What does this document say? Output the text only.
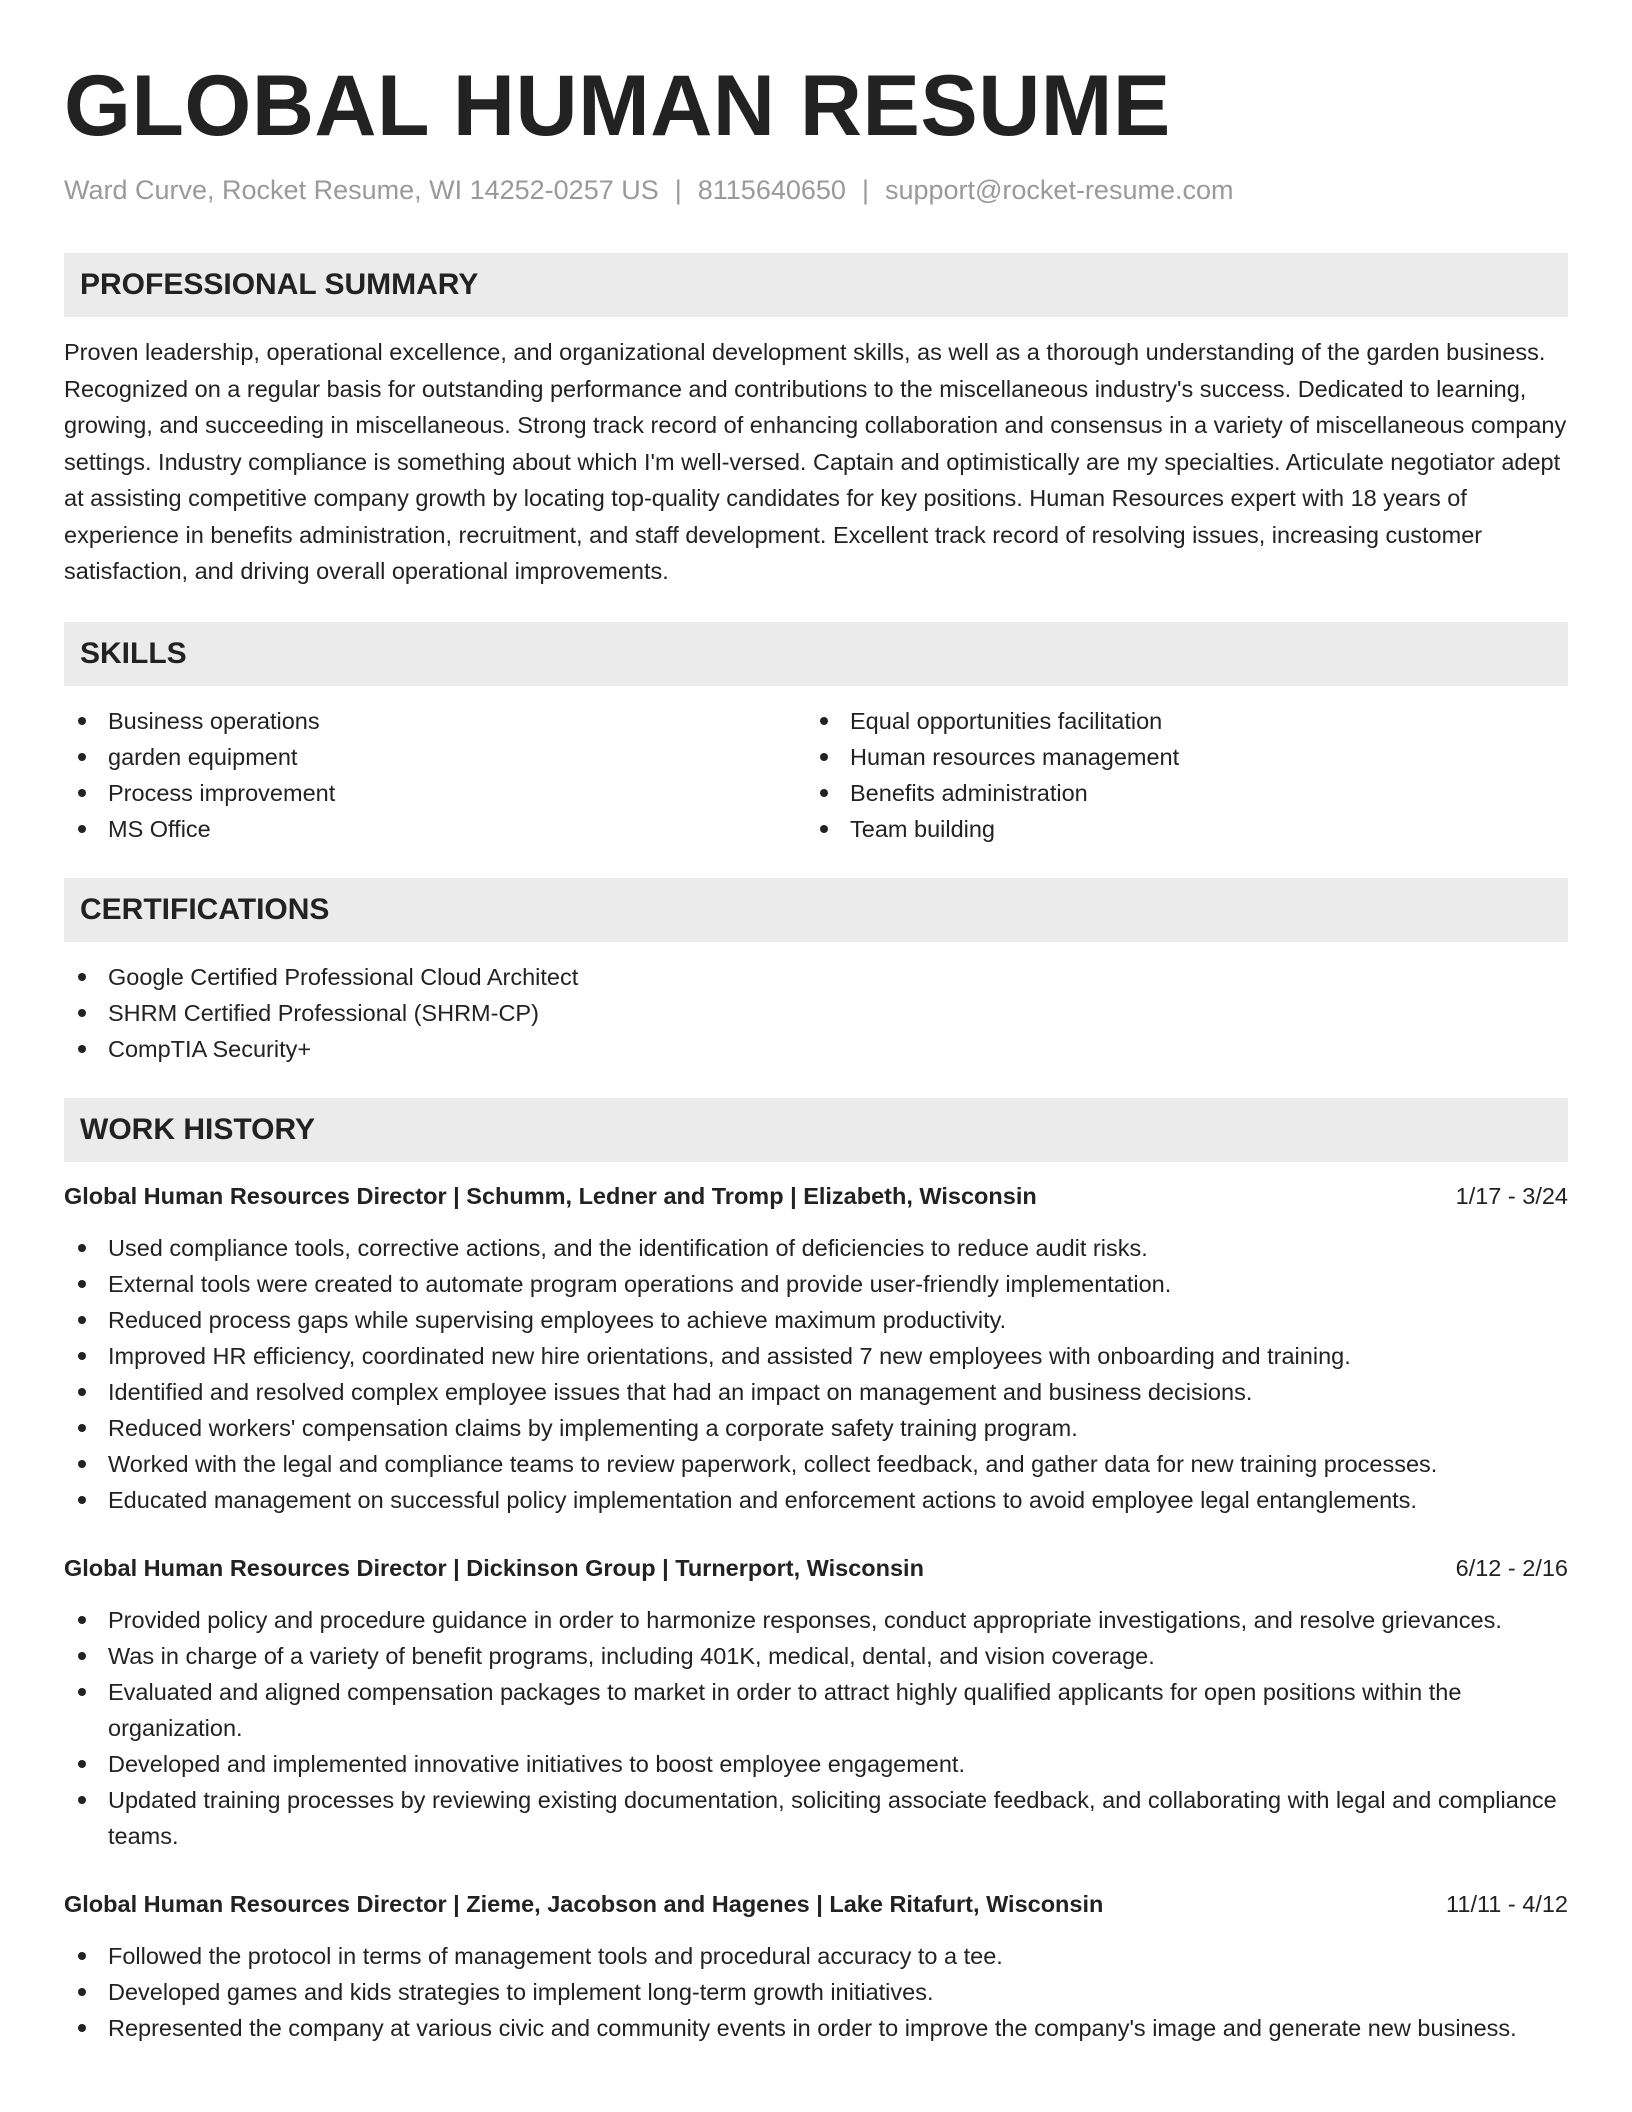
GLOBAL HUMAN RESUME
Ward Curve, Rocket Resume, WI 14252-0257 US | 8115640650 | support@rocket-resume.com
PROFESSIONAL SUMMARY
Proven leadership, operational excellence, and organizational development skills, as well as a thorough understanding of the garden business. Recognized on a regular basis for outstanding performance and contributions to the miscellaneous industry's success. Dedicated to learning, growing, and succeeding in miscellaneous. Strong track record of enhancing collaboration and consensus in a variety of miscellaneous company settings. Industry compliance is something about which I'm well-versed. Captain and optimistically are my specialties. Articulate negotiator adept at assisting competitive company growth by locating top-quality candidates for key positions. Human Resources expert with 18 years of experience in benefits administration, recruitment, and staff development. Excellent track record of resolving issues, increasing customer satisfaction, and driving overall operational improvements.
SKILLS
Business operations
garden equipment
Process improvement
MS Office
Equal opportunities facilitation
Human resources management
Benefits administration
Team building
CERTIFICATIONS
Google Certified Professional Cloud Architect
SHRM Certified Professional (SHRM-CP)
CompTIA Security+
WORK HISTORY
Global Human Resources Director | Schumm, Ledner and Tromp | Elizabeth, Wisconsin	1/17 - 3/24
Used compliance tools, corrective actions, and the identification of deficiencies to reduce audit risks.
External tools were created to automate program operations and provide user-friendly implementation.
Reduced process gaps while supervising employees to achieve maximum productivity.
Improved HR efficiency, coordinated new hire orientations, and assisted 7 new employees with onboarding and training.
Identified and resolved complex employee issues that had an impact on management and business decisions.
Reduced workers' compensation claims by implementing a corporate safety training program.
Worked with the legal and compliance teams to review paperwork, collect feedback, and gather data for new training processes.
Educated management on successful policy implementation and enforcement actions to avoid employee legal entanglements.
Global Human Resources Director | Dickinson Group | Turnerport, Wisconsin	6/12 - 2/16
Provided policy and procedure guidance in order to harmonize responses, conduct appropriate investigations, and resolve grievances.
Was in charge of a variety of benefit programs, including 401K, medical, dental, and vision coverage.
Evaluated and aligned compensation packages to market in order to attract highly qualified applicants for open positions within the organization.
Developed and implemented innovative initiatives to boost employee engagement.
Updated training processes by reviewing existing documentation, soliciting associate feedback, and collaborating with legal and compliance teams.
Global Human Resources Director | Zieme, Jacobson and Hagenes | Lake Ritafurt, Wisconsin	11/11 - 4/12
Followed the protocol in terms of management tools and procedural accuracy to a tee.
Developed games and kids strategies to implement long-term growth initiatives.
Represented the company at various civic and community events in order to improve the company's image and generate new business.
